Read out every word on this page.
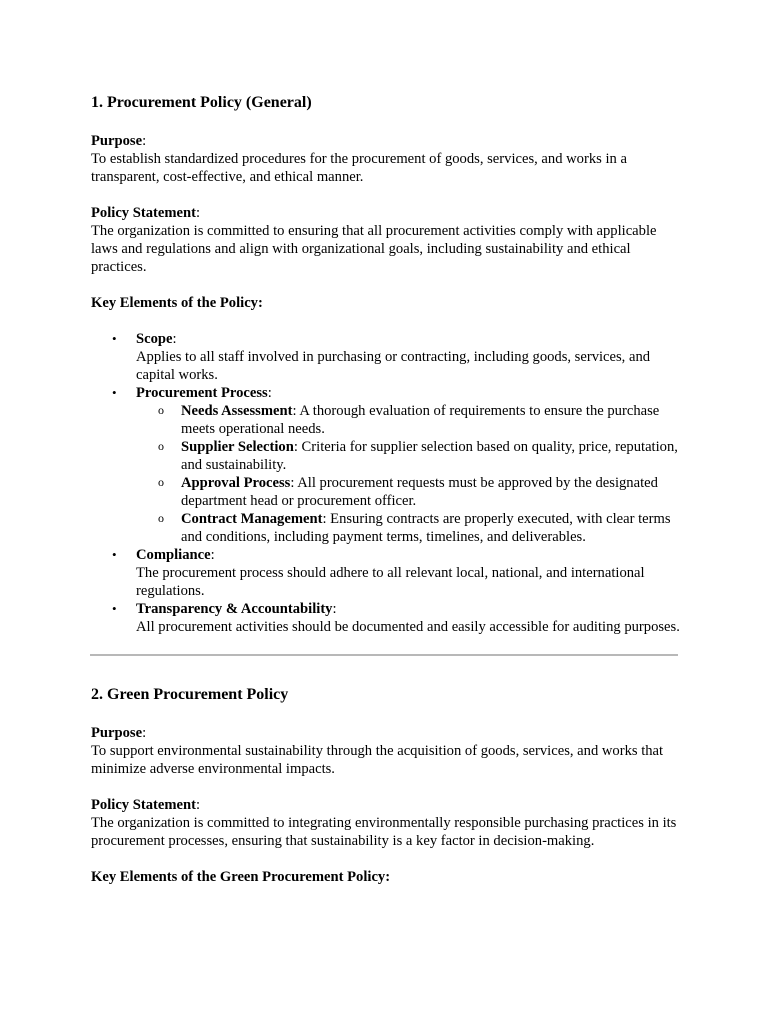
1. Procurement Policy (General)

Purpose:
To establish standardized procedures for the procurement of goods, services, and works in a transparent, cost-effective, and ethical manner.

Policy Statement:
The organization is committed to ensuring that all procurement activities comply with applicable laws and regulations and align with organizational goals, including sustainability and ethical practices.

Key Elements of the Policy:

• Scope:
Applies to all staff involved in purchasing or contracting, including goods, services, and capital works.
• Procurement Process:
o Needs Assessment: A thorough evaluation of requirements to ensure the purchase meets operational needs.
o Supplier Selection: Criteria for supplier selection based on quality, price, reputation, and sustainability.
o Approval Process: All procurement requests must be approved by the designated department head or procurement officer.
o Contract Management: Ensuring contracts are properly executed, with clear terms and conditions, including payment terms, timelines, and deliverables.
• Compliance:
The procurement process should adhere to all relevant local, national, and international regulations.
• Transparency & Accountability:
All procurement activities should be documented and easily accessible for auditing purposes.
2. Green Procurement Policy

Purpose:
To support environmental sustainability through the acquisition of goods, services, and works that minimize adverse environmental impacts.

Policy Statement:
The organization is committed to integrating environmentally responsible purchasing practices in its procurement processes, ensuring that sustainability is a key factor in decision-making.

Key Elements of the Green Procurement Policy:
